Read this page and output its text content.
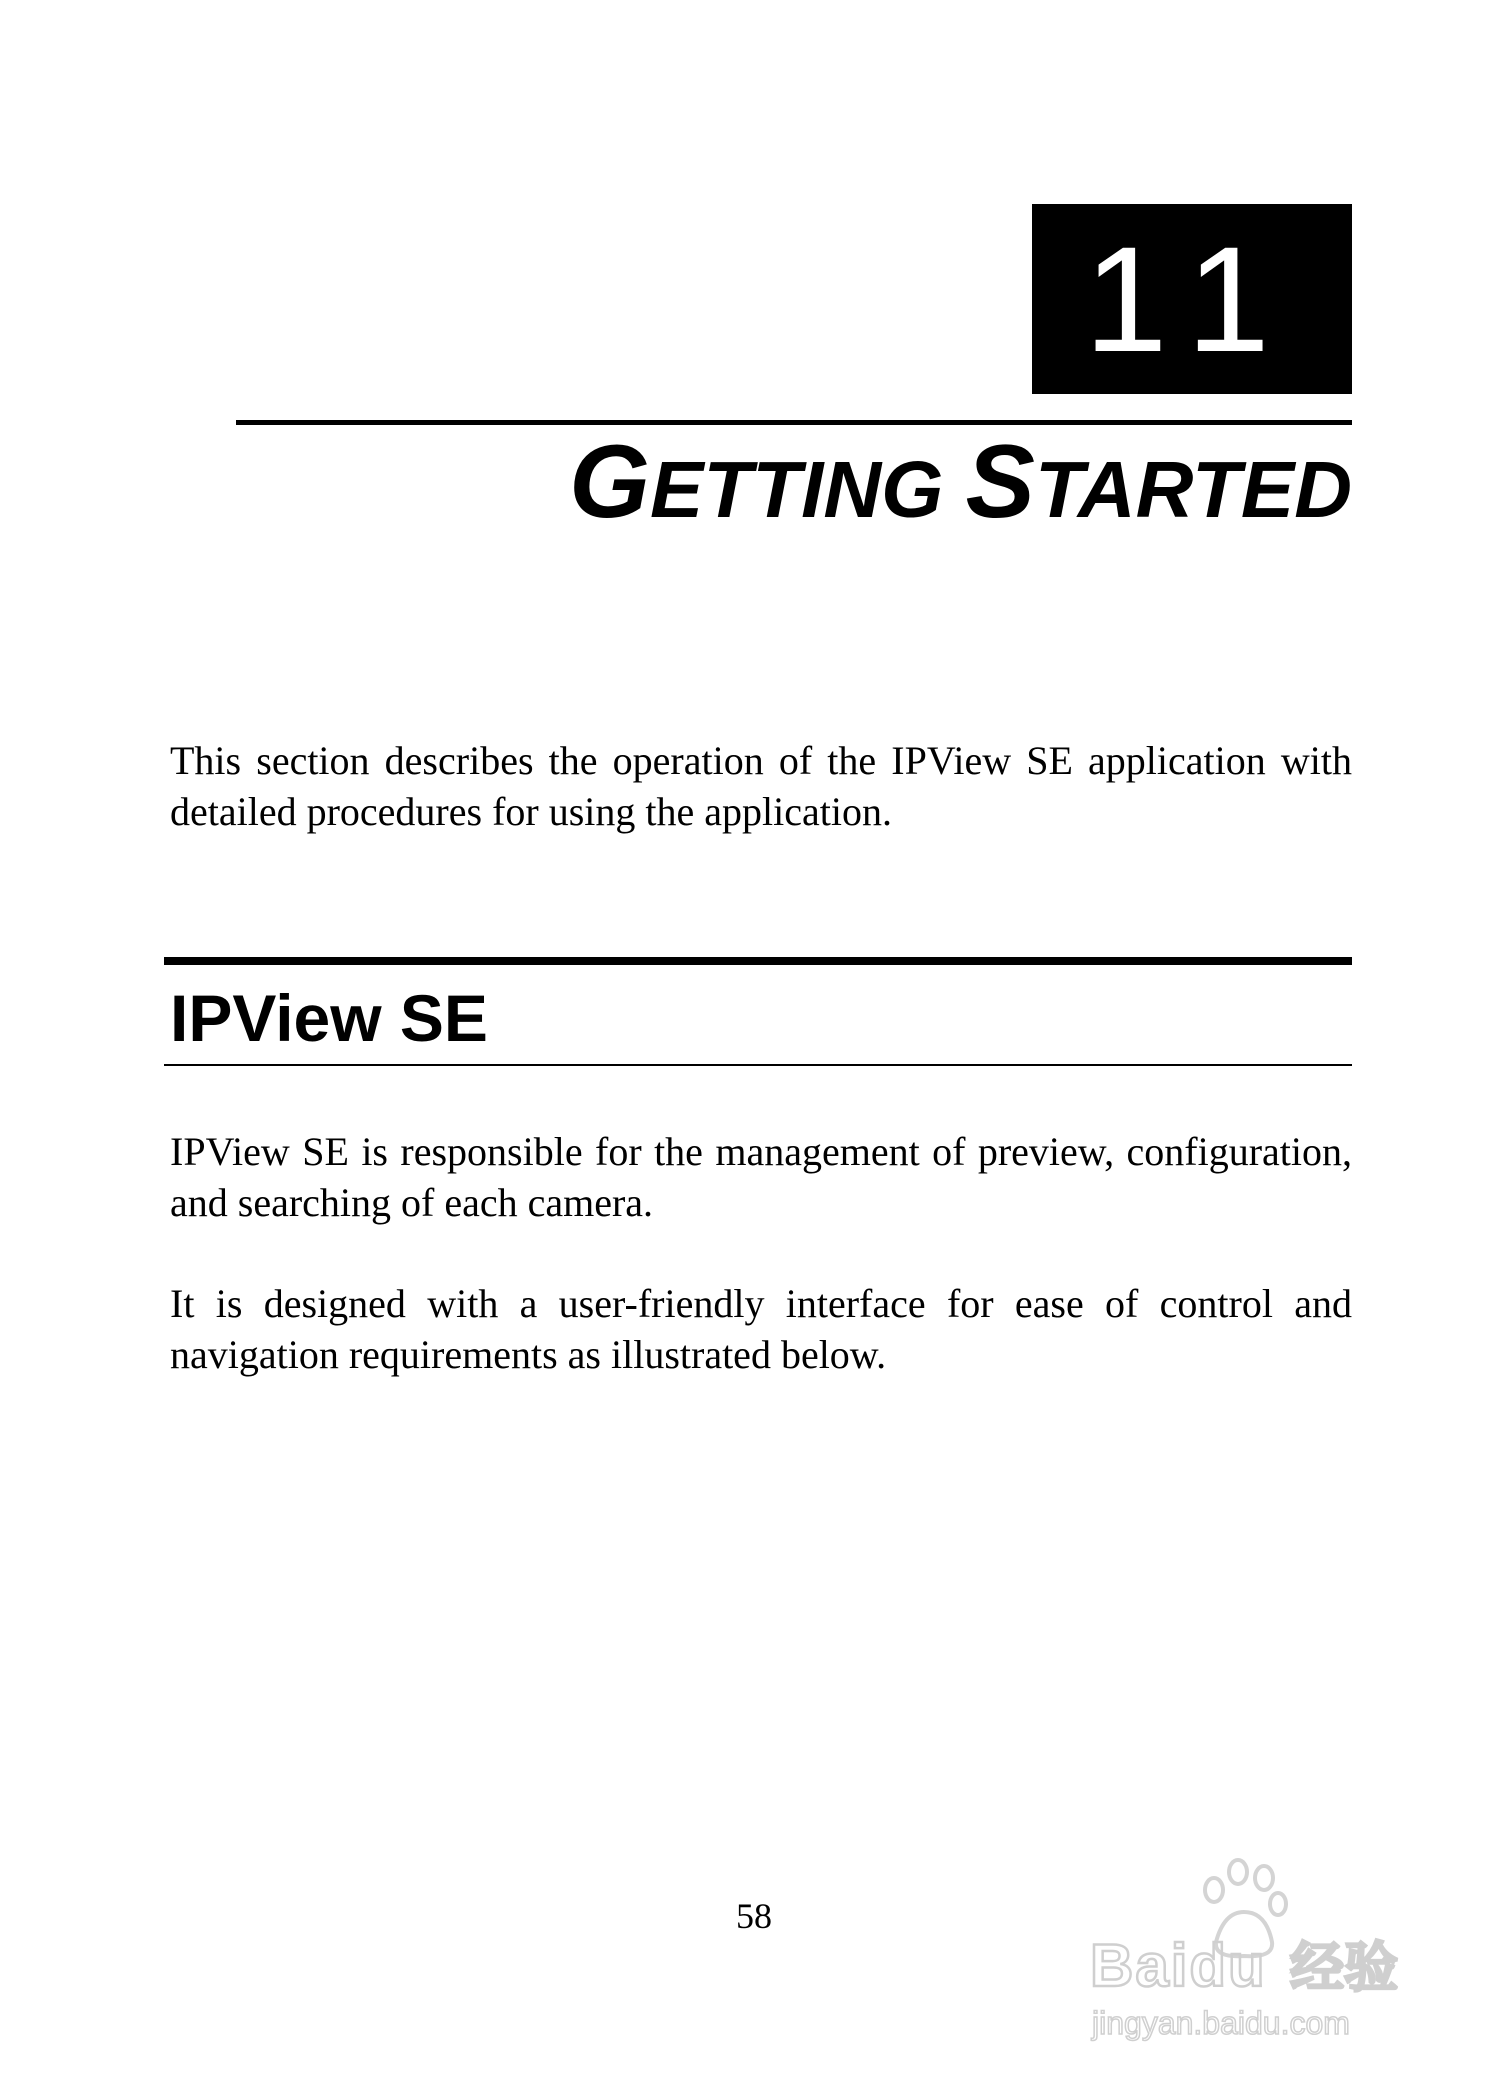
11
GETTING STARTED

This section describes the operation of the IPView SE application with detailed procedures for using the application.

IPView SE

IPView SE is responsible for the management of preview, configuration, and searching of each camera.

It is designed with a user-friendly interface for ease of control and navigation requirements as illustrated below.

58
Baidu 经验
jingyan.baidu.com
